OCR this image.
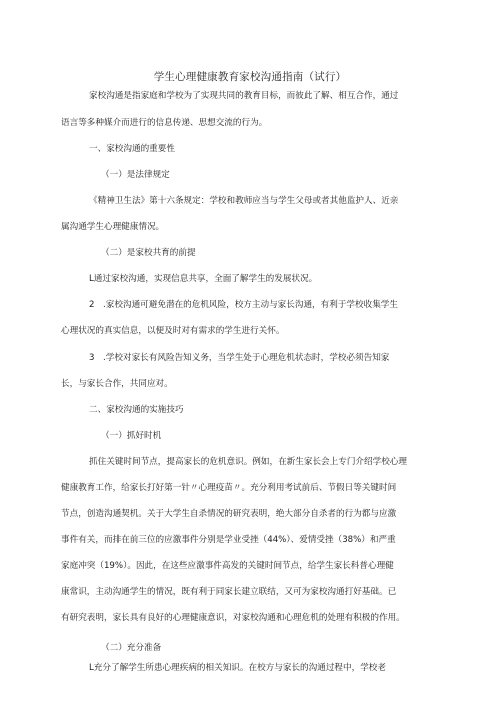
学生心理健康教育家校沟通指南（试行）
家校沟通是指家庭和学校为了实现共同的教育目标，而彼此了解、相互合作，通过
语言等多种媒介而进行的信息传递、思想交流的行为。
一、家校沟通的重要性
（一）是法律规定
《精神卫生法》第十六条规定：学校和教师应当与学生父母或者其他监护人、近亲
属沟通学生心理健康情况。
（二）是家校共育的前提
L通过家校沟通，实现信息共享，全面了解学生的发展状况。
2　.家校沟通可避免潜在的危机风险，校方主动与家长沟通，有利于学校收集学生
心理状况的真实信息，以便及时对有需求的学生进行关怀。
3　.学校对家长有风险告知义务，当学生处于心理危机状态时，学校必须告知家
长，与家长合作，共同应对。
二、家校沟通的实施技巧
（一）抓好时机
抓住关键时间节点，提高家长的危机意识。例如，在新生家长会上专门介绍学校心理
健康教育工作，给家长打好第一针〃心理疫苗〃。充分利用考试前后、节假日等关键时间
节点，创造沟通契机。关于大学生自杀情况的研究表明，绝大部分自杀者的行为都与应激
事件有关，而排在前三位的应激事件分别是学业受挫（44%）、爱情受挫（38%）和严重
家庭冲突（19%）。因此，在这些应激事件高发的关键时间节点，给学生家长科普心理健
康常识，主动沟通学生的情况，既有利于同家长建立联结，又可为家校沟通打好基础。已
有研究表明，家长具有良好的心理健康意识，对家校沟通和心理危机的处理有积极的作用。
（二）充分准备
L充分了解学生所患心理疾病的相关知识。在校方与家长的沟通过程中，学校老
